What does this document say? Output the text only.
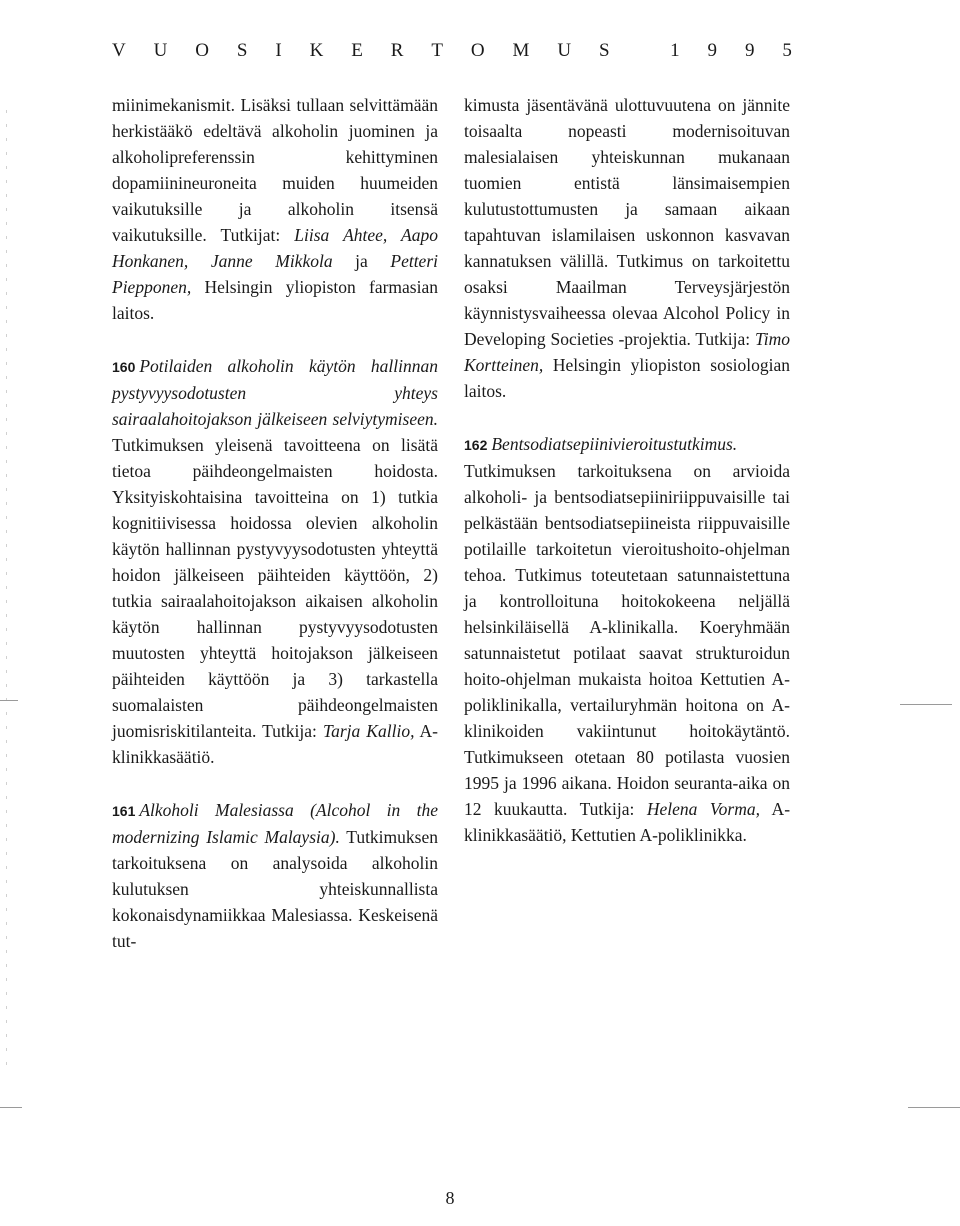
V U O S I K E R T O M U S
	1 9 9 5

miinimekanismit. Lisäksi tullaan selvittämään herkistääkö edeltävä alkoholin juominen ja alkoholipreferenssin kehittyminen dopamiinineuroneita muiden huumeiden vaikutuksille ja alkoholin itsensä vaikutuksille. Tutkijat: Liisa Ahtee, Aapo Honkanen, Janne Mikkola ja Petteri Piepponen, Helsingin yliopiston farmasian laitos.

160 Potilaiden alkoholin käytön hallinnan pystyvyysodotusten yhteys sairaalahoitojakson jälkeiseen selviytymiseen. Tutkimuksen yleisenä tavoitteena on lisätä tietoa päihdeongelmaisten hoidosta. Yksityiskohtaisina tavoitteina on 1) tutkia kognitiivisessa hoidossa olevien alkoholin käytön hallinnan pystyvyysodotusten yhteyttä hoidon jälkeiseen päihteiden käyttöön, 2) tutkia sairaalahoitojakson aikaisen alkoholin käytön hallinnan pystyvyysodotusten muutosten yhteyttä hoitojakson jälkeiseen päihteiden käyttöön ja 3) tarkastella suomalaisten päihdeongelmaisten juomisriskitilanteita. Tutkija: Tarja Kallio, A-klinikkasäätiö.

161 Alkoholi Malesiassa (Alcohol in the modernizing Islamic Malaysia). Tutkimuksen tarkoituksena on analysoida alkoholin kulutuksen yhteiskunnallista kokonaisdynamiikkaa Malesiassa. Keskeisenä tut-

kimusta jäsentävänä ulottuvuutena on jännite toisaalta nopeasti modernisoituvan malesialaisen yhteiskunnan mukanaan tuomien entistä länsimaisempien kulutustottumusten ja samaan aikaan tapahtuvan islamilaisen uskonnon kasvavan kannatuksen välillä. Tutkimus on tarkoitettu osaksi Maailman Terveysjärjestön käynnistysvaiheessa olevaa Alcohol Policy in Developing Societies -projektia. Tutkija: Timo Kortteinen, Helsingin yliopiston sosiologian laitos.

162 Bentsodiatsepiinivieroitustutkimus. Tutkimuksen tarkoituksena on arvioida alkoholi- ja bentsodiatsepiiniriippuvaisille tai pelkästään bentsodiatsepiineista riippuvaisille potilaille tarkoitetun vieroitushoito-ohjelman tehoa. Tutkimus toteutetaan satunnaistettuna ja kontrolloituna hoitokokeena neljällä helsinkiläisellä A-klinikalla. Koeryhmään satunnaistetut potilaat saavat strukturoidun hoito-ohjelman mukaista hoitoa Kettutien A-poliklinikalla, vertailuryhmän hoitona on A-klinikoiden vakiintunut hoitokäytäntö. Tutkimukseen otetaan 80 potilasta vuosien 1995 ja 1996 aikana. Hoidon seuranta-aika on 12 kuukautta. Tutkija: Helena Vorma, A-klinikkasäätiö, Kettutien A-poliklinikka.

8
